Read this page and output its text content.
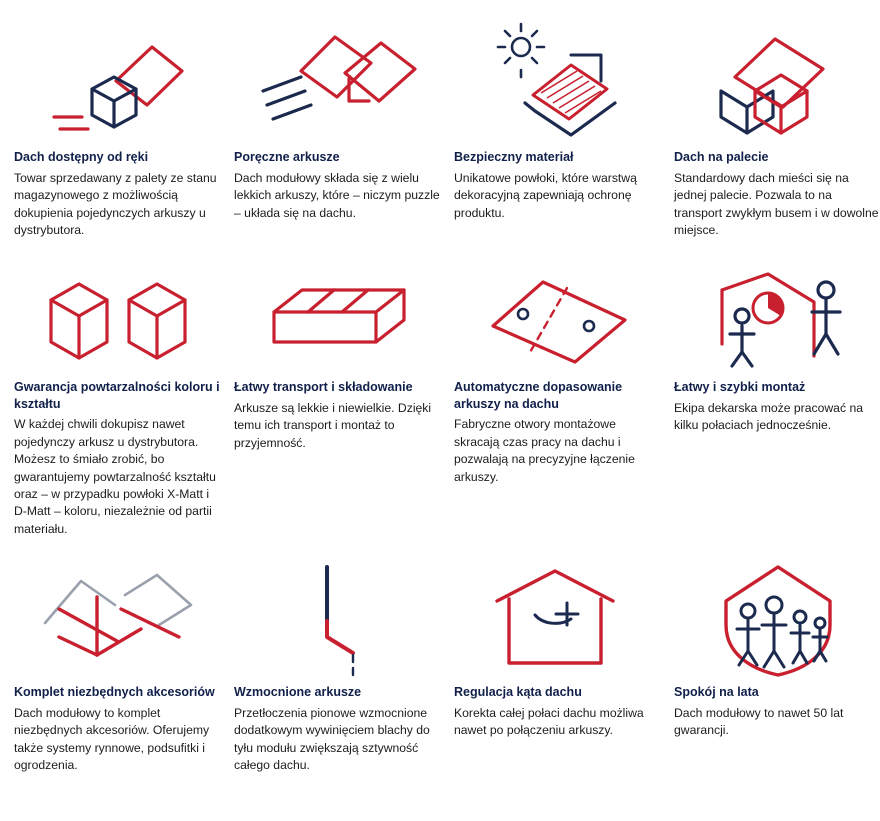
Dach dostępny od ręki

Towar sprzedawany z palety ze stanu magazynowego z możliwością dokupienia pojedynczych arkuszy u dystrybutora.

Poręczne arkusze

Dach modułowy składa się z wielu lekkich arkuszy, które – niczym puzzle – układa się na dachu.

Bezpieczny materiał

Unikatowe powłoki, które warstwą dekoracyjną zapewniają ochronę produktu.

Dach na palecie

Standardowy dach mieści się na jednej palecie. Pozwala to na transport zwykłym busem i w dowolne miejsce.

Gwarancja powtarzalności koloru i kształtu

W każdej chwili dokupisz nawet pojedynczy arkusz u dystrybutora. Możesz to śmiało zrobić, bo gwarantujemy powtarzalność kształtu oraz – w przypadku powłoki X-Matt i D-Matt – koloru, niezależnie od partii materiału.

Łatwy transport i składowanie

Arkusze są lekkie i niewielkie. Dzięki temu ich transport i montaż to przyjemność.

Automatyczne dopasowanie arkuszy na dachu

Fabryczne otwory montażowe skracają czas pracy na dachu i pozwalają na precyzyjne łączenie arkuszy.

Łatwy i szybki montaż

Ekipa dekarska może pracować na kilku połaciach jednocześnie.

Komplet niezbędnych akcesoriów

Dach modułowy to komplet niezbędnych akcesoriów. Oferujemy także systemy rynnowe, podsufitki i ogrodzenia.

Wzmocnione arkusze

Przetłoczenia pionowe wzmocnione dodatkowym wywinięciem blachy do tyłu modułu zwiększają sztywność całego dachu.

Regulacja kąta dachu

Korekta całej połaci dachu możliwa nawet po połączeniu arkuszy.

Spokój na lata

Dach modułowy to nawet 50 lat gwarancji.
